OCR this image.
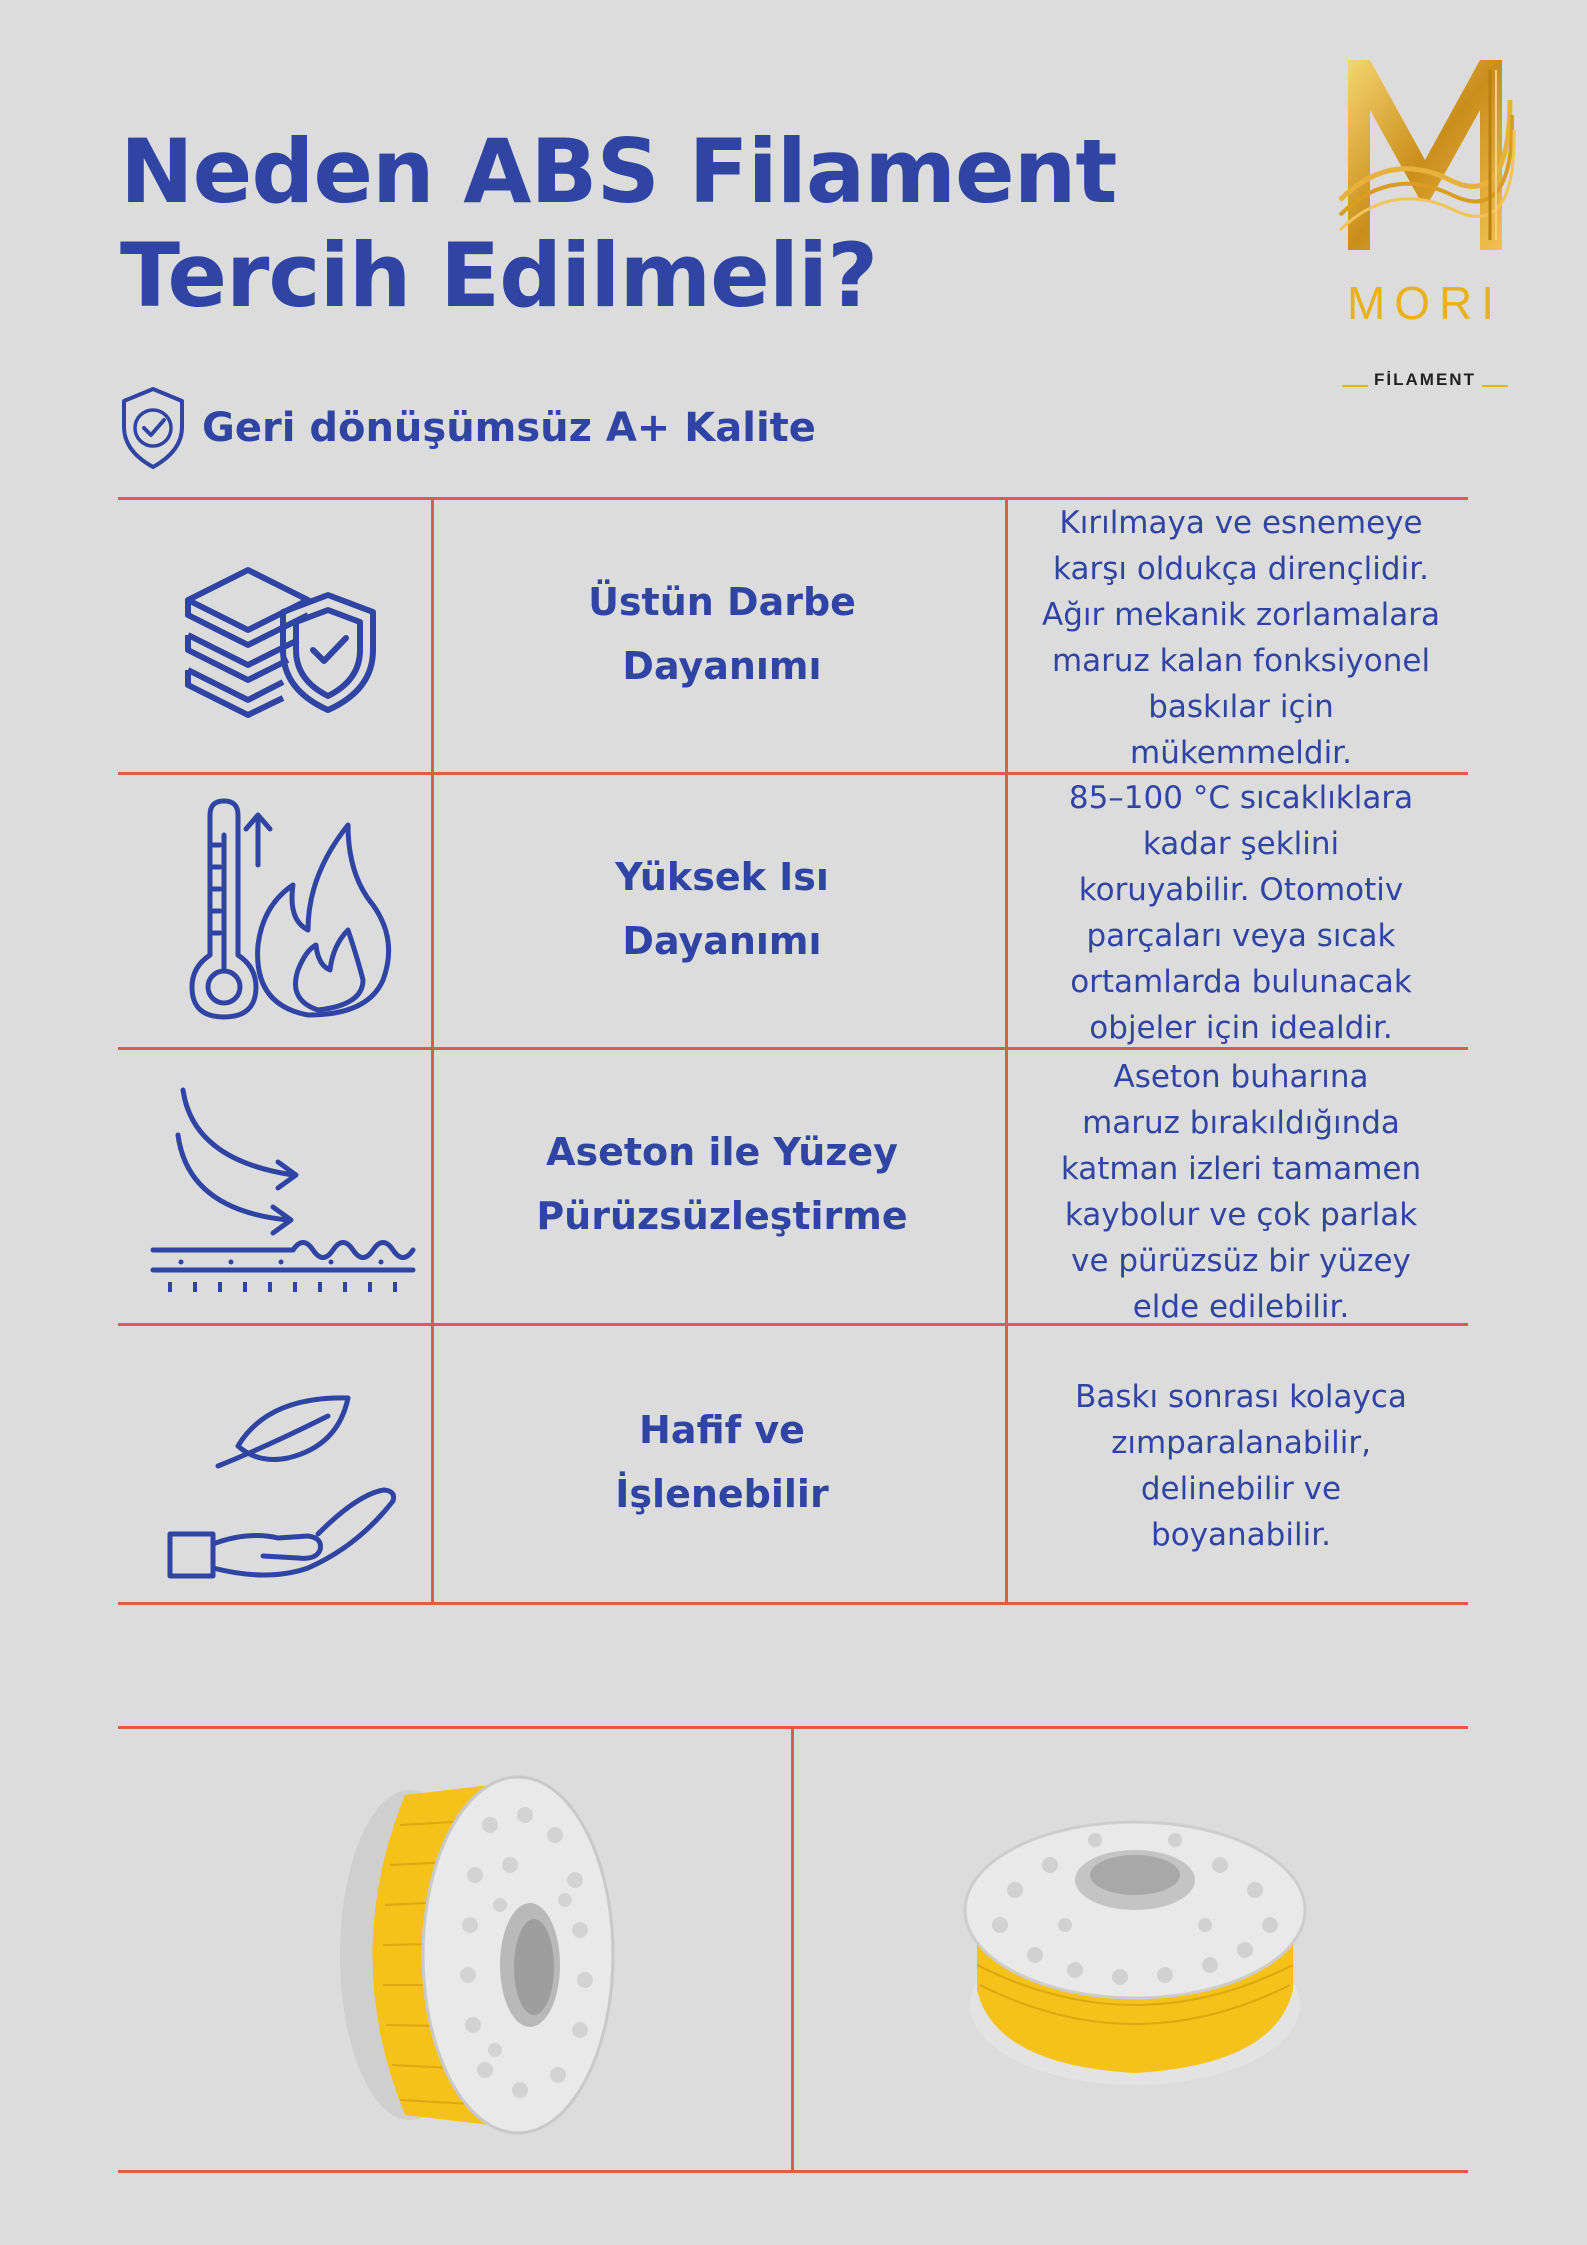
Neden ABS Filament
Tercih Edilmeli?	MORI
FİLAMENT
Geri dönüşümsüz A+ Kalite
Üstün Darbe
Dayanımı
Kırılmaya ve esnemeye
karşı oldukça dirençlidir.
Ağır mekanik zorlamalara
maruz kalan fonksiyonel
baskılar için
mükemmeldir.
Yüksek Isı
Dayanımı
85–100 °C sıcaklıklara
kadar şeklini
koruyabilir. Otomotiv
parçaları veya sıcak
ortamlarda bulunacak
objeler için idealdir.
Aseton ile Yüzey
Pürüzsüzleştirme
Aseton buharına
maruz bırakıldığında
katman izleri tamamen
kaybolur ve çok parlak
ve pürüzsüz bir yüzey
elde edilebilir.
Hafif ve
İşlenebilir
Baskı sonrası kolayca
zımparalanabilir,
delinebilir ve
boyanabilir.
